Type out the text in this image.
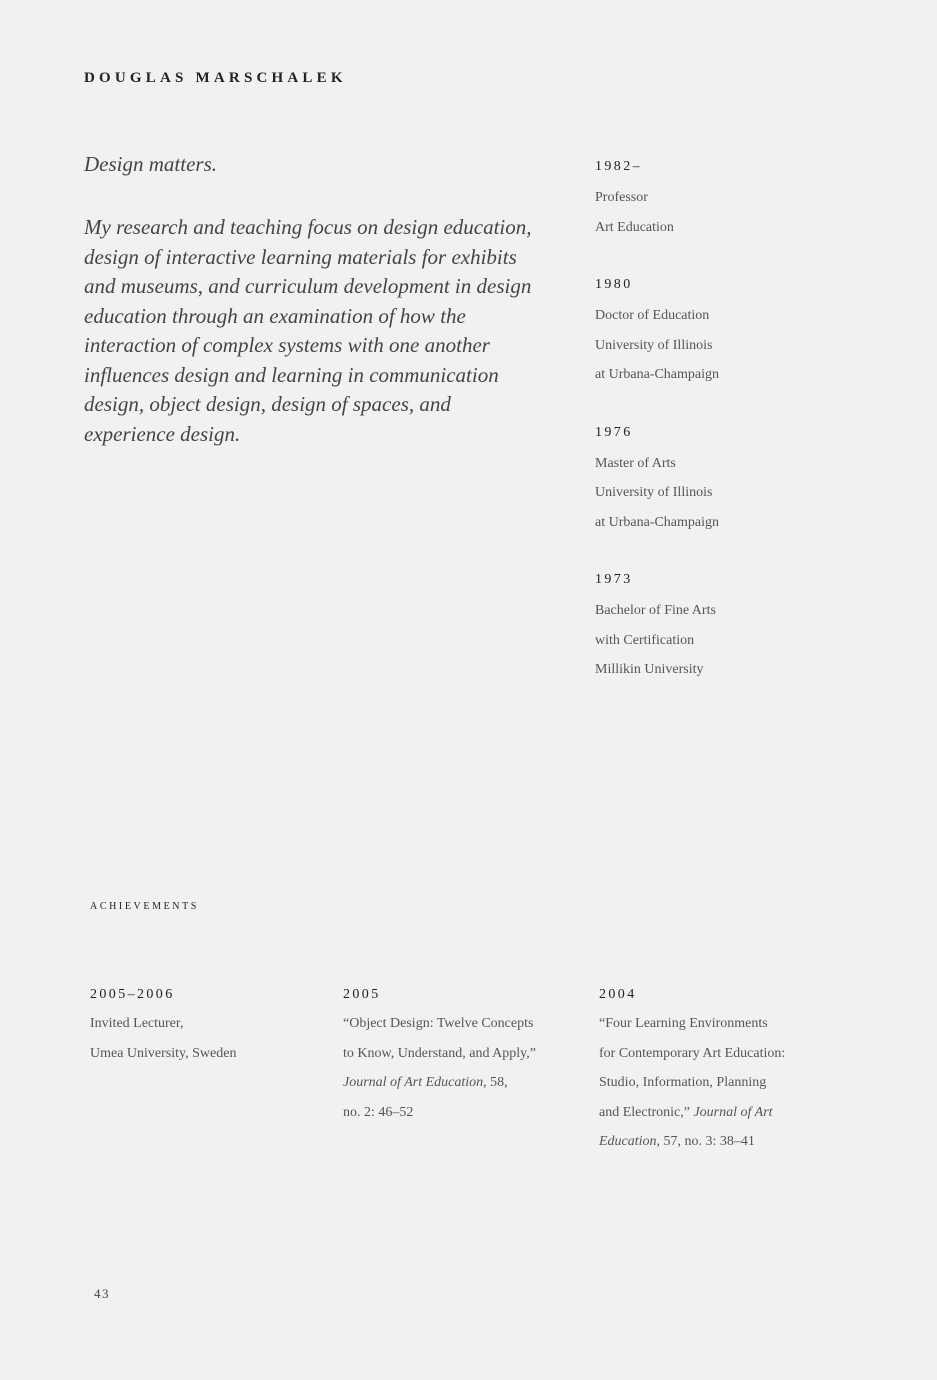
DOUGLAS MARSCHALEK

Design matters.

My research and teaching focus on design education, design of interactive learning materials for exhibits and museums, and curriculum development in design education through an examination of how the interaction of complex systems with one another influences design and learning in communication design, object design, design of spaces, and experience design.

1982–
Professor
Art Education
1980
Doctor of Education
University of Illinois
at Urbana-Champaign
1976
Master of Arts
University of Illinois
at Urbana-Champaign
1973
Bachelor of Fine Arts
with Certification
Millikin University
ACHIEVEMENTS
2005–2006
Invited Lecturer,
Umea University, Sweden
2005
“Object Design: Twelve Concepts
to Know, Understand, and Apply,”
Journal of Art Education, 58,
no. 2: 46–52
2004
“Four Learning Environments
for Contemporary Art Education:
Studio, Information, Planning
and Electronic,” Journal of Art
Education, 57, no. 3: 38–41
43
